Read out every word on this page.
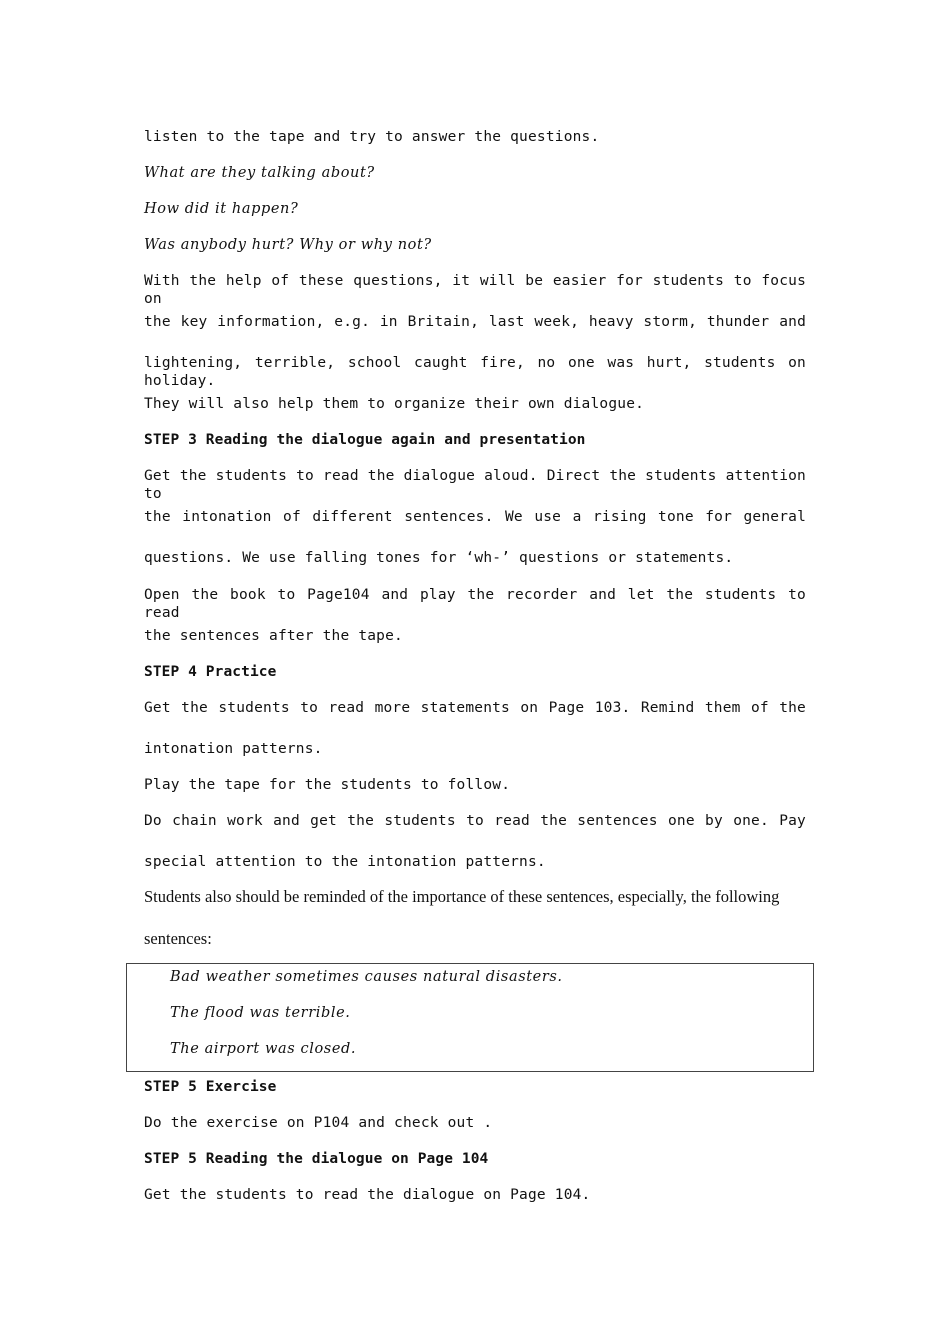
listen to the tape and try to answer the questions.
What are they talking about?
How did it happen?
Was anybody hurt? Why or why not?
With the help of these questions, it will be easier for students to focus on
the key information, e.g. in Britain, last week, heavy storm, thunder and
lightening, terrible, school caught fire, no one was hurt, students on holiday.
They will also help them to organize their own dialogue.
STEP 3 Reading the dialogue again and presentation
Get the students to read the dialogue aloud. Direct the students attention to
the intonation of different sentences. We use a rising tone for general
questions. We use falling tones for ‘wh-’ questions or statements.
Open the book to Page104 and play the recorder and let the students to read
the sentences after the tape.
STEP 4 Practice
Get the students to read more statements on Page 103. Remind them of the
intonation patterns.
Play the tape for the students to follow.
Do chain work and get the students to read the sentences one by one. Pay
special attention to the intonation patterns.
Students also should be reminded of the importance of these sentences, especially, the following
sentences:
Bad weather sometimes causes natural disasters.
The flood was terrible.
The airport was closed.
STEP 5 Exercise
Do the exercise on P104 and check out .
STEP 5 Reading the dialogue on Page 104
Get the students to read the dialogue on Page 104.
